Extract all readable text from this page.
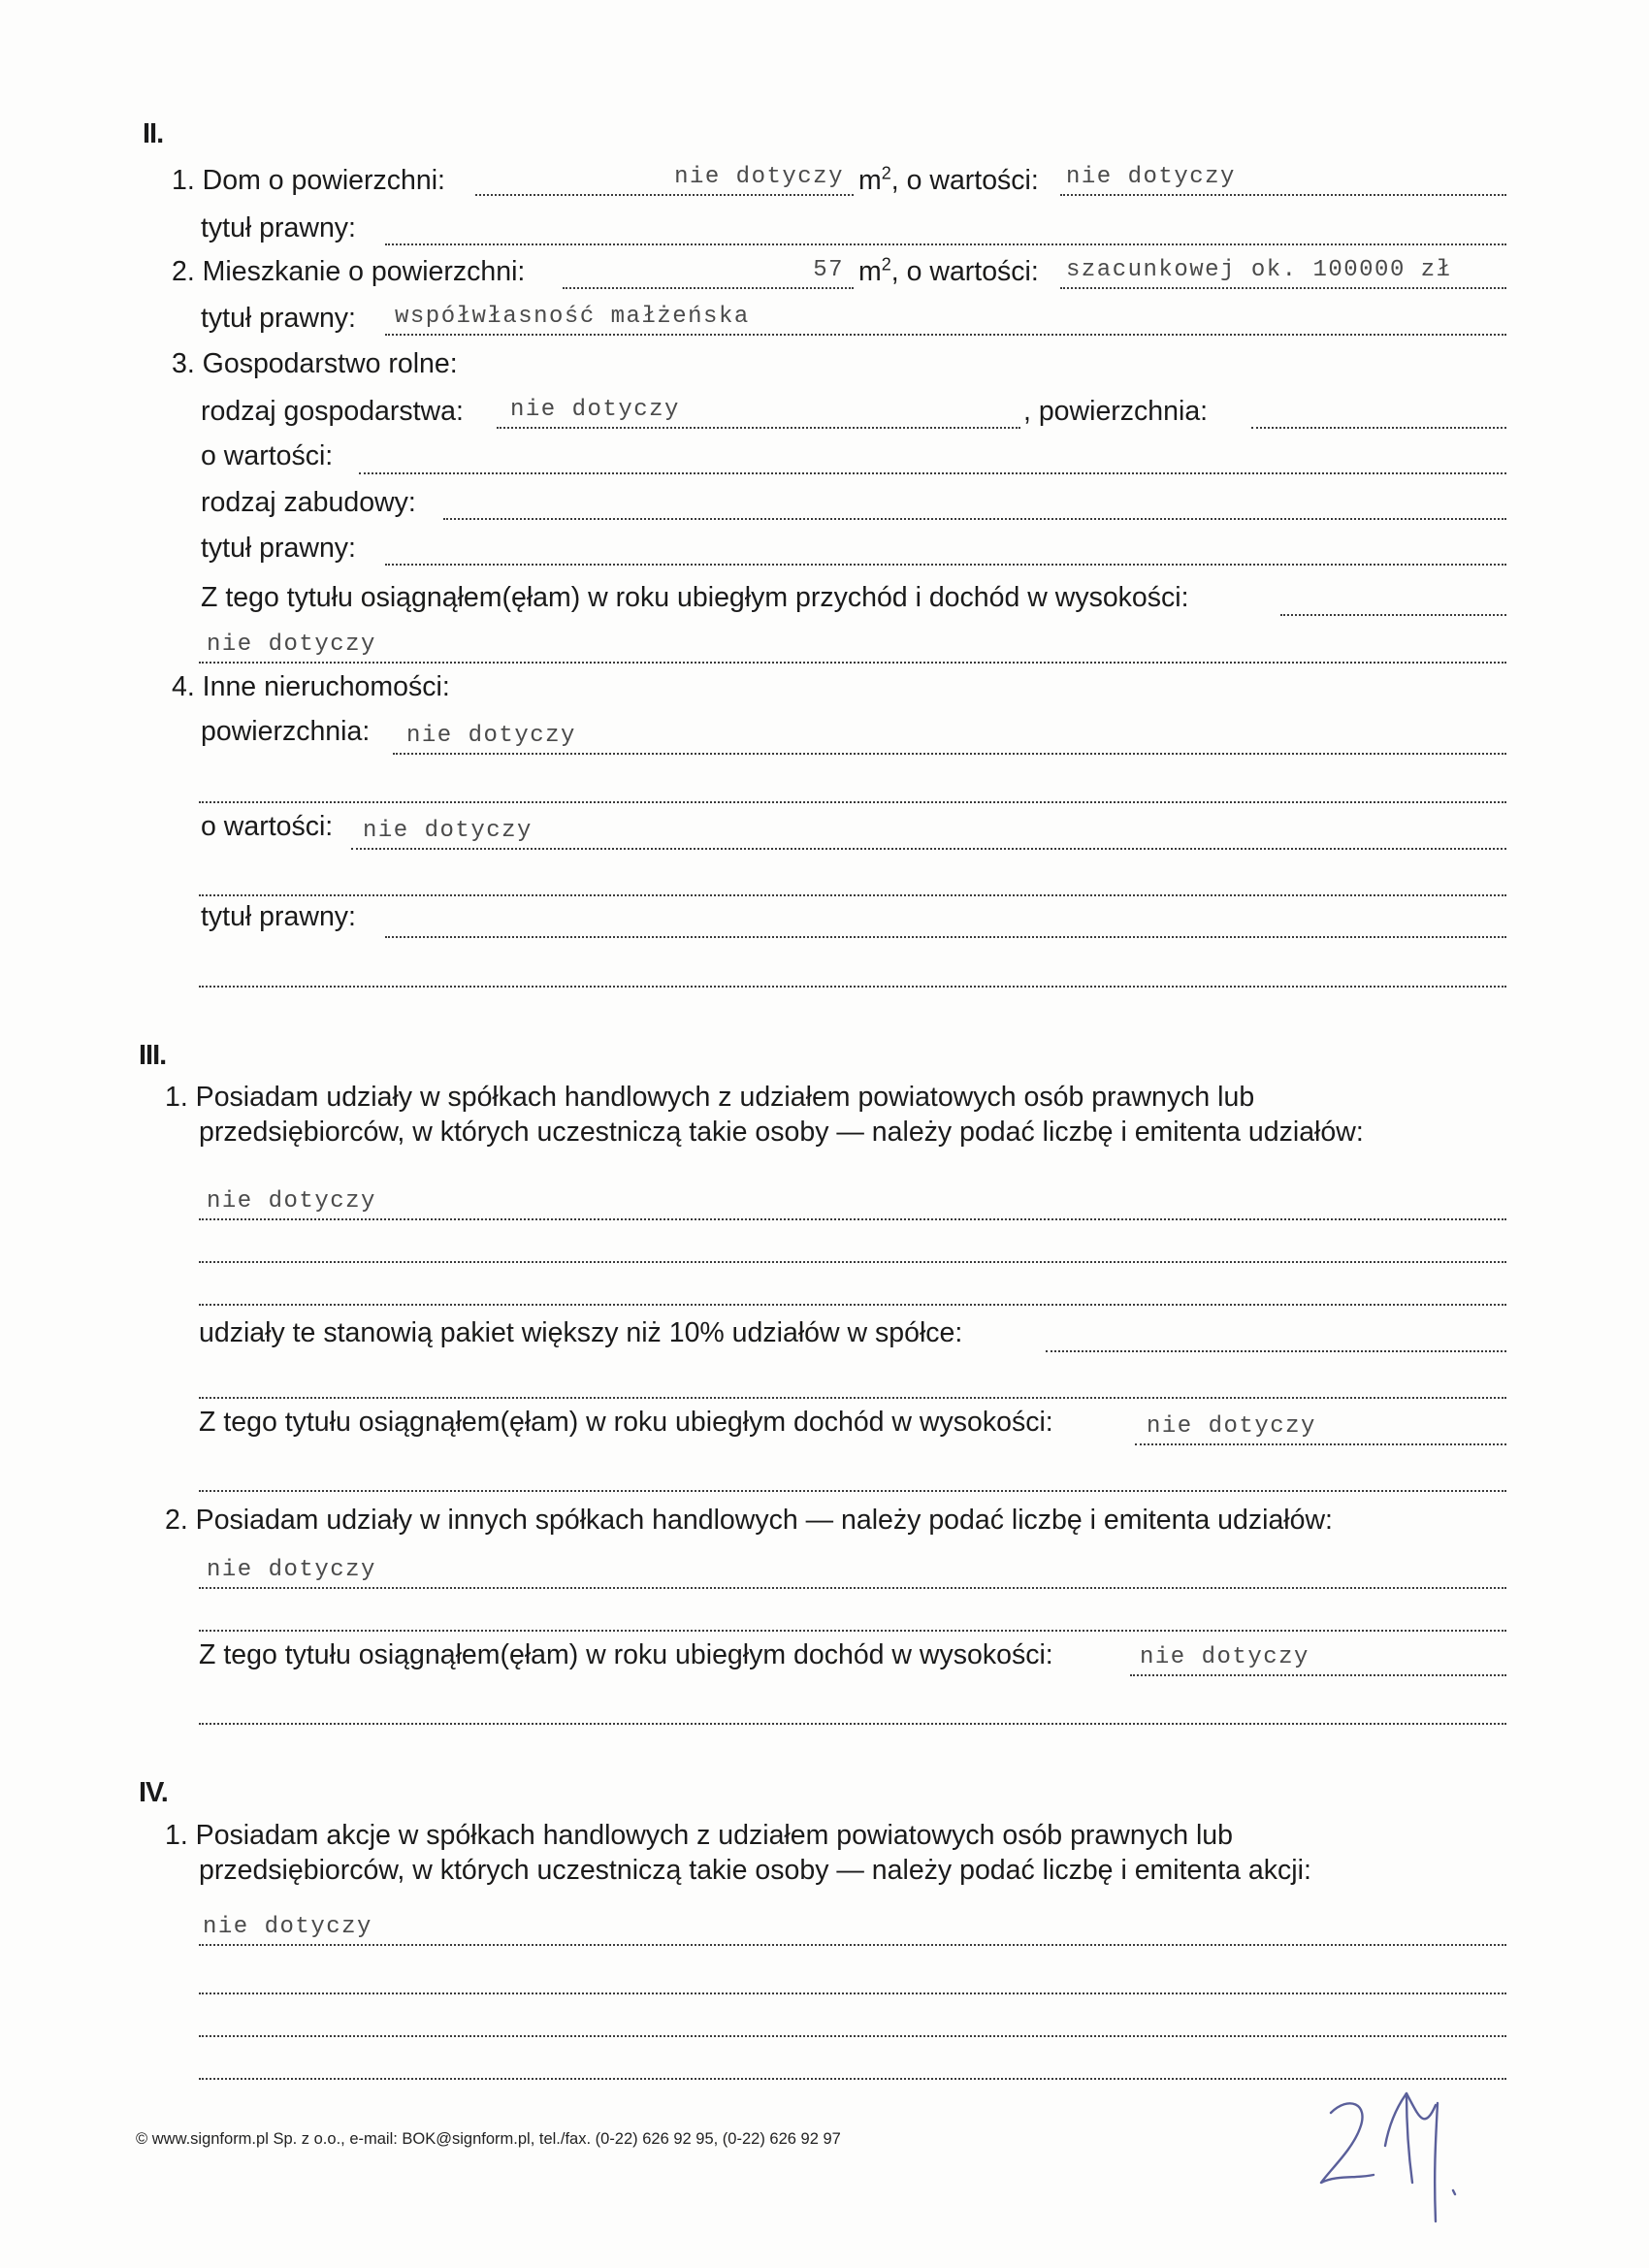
II.
1. Dom o powierzchni:	nie dotyczy $m^2$, o wartości: nie dotyczy
tytuł prawny:
2. Mieszkanie o powierzchni:	57 $m^2$, o wartości: szacunkowej ok. 100000 zł
tytuł prawny:	współwłasność małżeńska
3. Gospodarstwo rolne:
rodzaj gospodarstwa:	nie dotyczy	, powierzchnia:
o wartości:
rodzaj zabudowy:
tytuł prawny:
Z tego tytułu osiągnąłem(ęłam) w roku ubiegłym przychód i dochód w wysokości:
nie dotyczy
4. Inne nieruchomości:
powierzchnia:	nie dotyczy
o wartości:	nie dotyczy
tytuł prawny:
III.
1. Posiadam udziały w spółkach handlowych z udziałem powiatowych osób prawnych lub
przedsiębiorców, w których uczestniczą takie osoby — należy podać liczbę i emitenta udziałów:
nie dotyczy
udziały te stanowią pakiet większy niż 10% udziałów w spółce:
Z tego tytułu osiągnąłem(ęłam) w roku ubiegłym dochód w wysokości:	nie dotyczy
2. Posiadam udziały w innych spółkach handlowych — należy podać liczbę i emitenta udziałów:
nie dotyczy
Z tego tytułu osiągnąłem(ęłam) w roku ubiegłym dochód w wysokości:	nie dotyczy
IV.
1. Posiadam akcje w spółkach handlowych z udziałem powiatowych osób prawnych lub
przedsiębiorców, w których uczestniczą takie osoby — należy podać liczbę i emitenta akcji:
nie dotyczy
© www.signform.pl Sp. z o.o., e-mail: BOK@signform.pl, tel./fax. (0-22) 626 92 95, (0-22) 626 92 97
